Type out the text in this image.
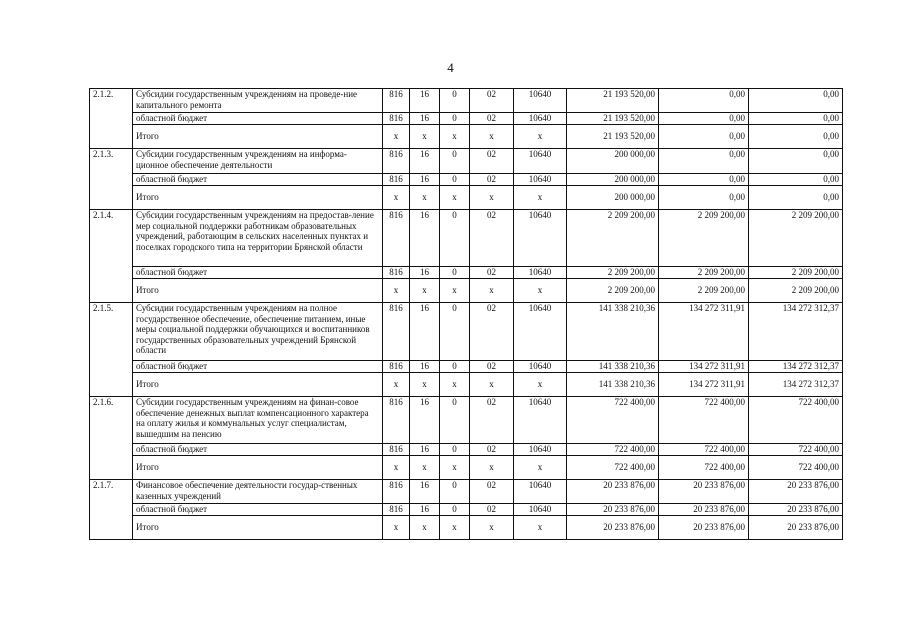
4
2.1.2.	Субсидии государственным учреждениям на проведе-ние капитального ремонта	816	16	0	02	10640	21 193 520,00	0,00	0,00
	областной бюджет	816	16	0	02	10640	21 193 520,00	0,00	0,00
	Итого	х	х	х	х	х	21 193 520,00	0,00	0,00
2.1.3.	Субсидии государственным учреждениям на информа-ционное обеспечение деятельности	816	16	0	02	10640	200 000,00	0,00	0,00
	областной бюджет	816	16	0	02	10640	200 000,00	0,00	0,00
	Итого	х	х	х	х	х	200 000,00	0,00	0,00
2.1.4.	Субсидии государственным учреждениям на предостав-ление мер социальной поддержки работникам образовательных учреждений, работающим в сельских населенных пунктах и поселках городского типа на территории Брянской области	816	16	0	02	10640	2 209 200,00	2 209 200,00	2 209 200,00
	областной бюджет	816	16	0	02	10640	2 209 200,00	2 209 200,00	2 209 200,00
	Итого	х	х	х	х	х	2 209 200,00	2 209 200,00	2 209 200,00
2.1.5.	Субсидии государственным учреждениям на полное государственное обеспечение, обеспечение питанием, иные меры социальной поддержки обучающихся и воспитанников государственных образовательных учреждений Брянской области	816	16	0	02	10640	141 338 210,36	134 272 311,91	134 272 312,37
	областной бюджет	816	16	0	02	10640	141 338 210,36	134 272 311,91	134 272 312,37
	Итого	х	х	х	х	х	141 338 210,36	134 272 311,91	134 272 312,37
2.1.6.	Субсидии государственным учреждениям на финан-совое обеспечение денежных выплат компенсационного характера на оплату жилья и коммунальных услуг специалистам, вышедшим на пенсию	816	16	0	02	10640	722 400,00	722 400,00	722 400,00
	областной бюджет	816	16	0	02	10640	722 400,00	722 400,00	722 400,00
	Итого	х	х	х	х	х	722 400,00	722 400,00	722 400,00
2.1.7.	Финансовое обеспечение деятельности государ-ственных казенных учреждений	816	16	0	02	10640	20 233 876,00	20 233 876,00	20 233 876,00
	областной бюджет	816	16	0	02	10640	20 233 876,00	20 233 876,00	20 233 876,00
	Итого	х	х	х	х	х	20 233 876,00	20 233 876,00	20 233 876,00
